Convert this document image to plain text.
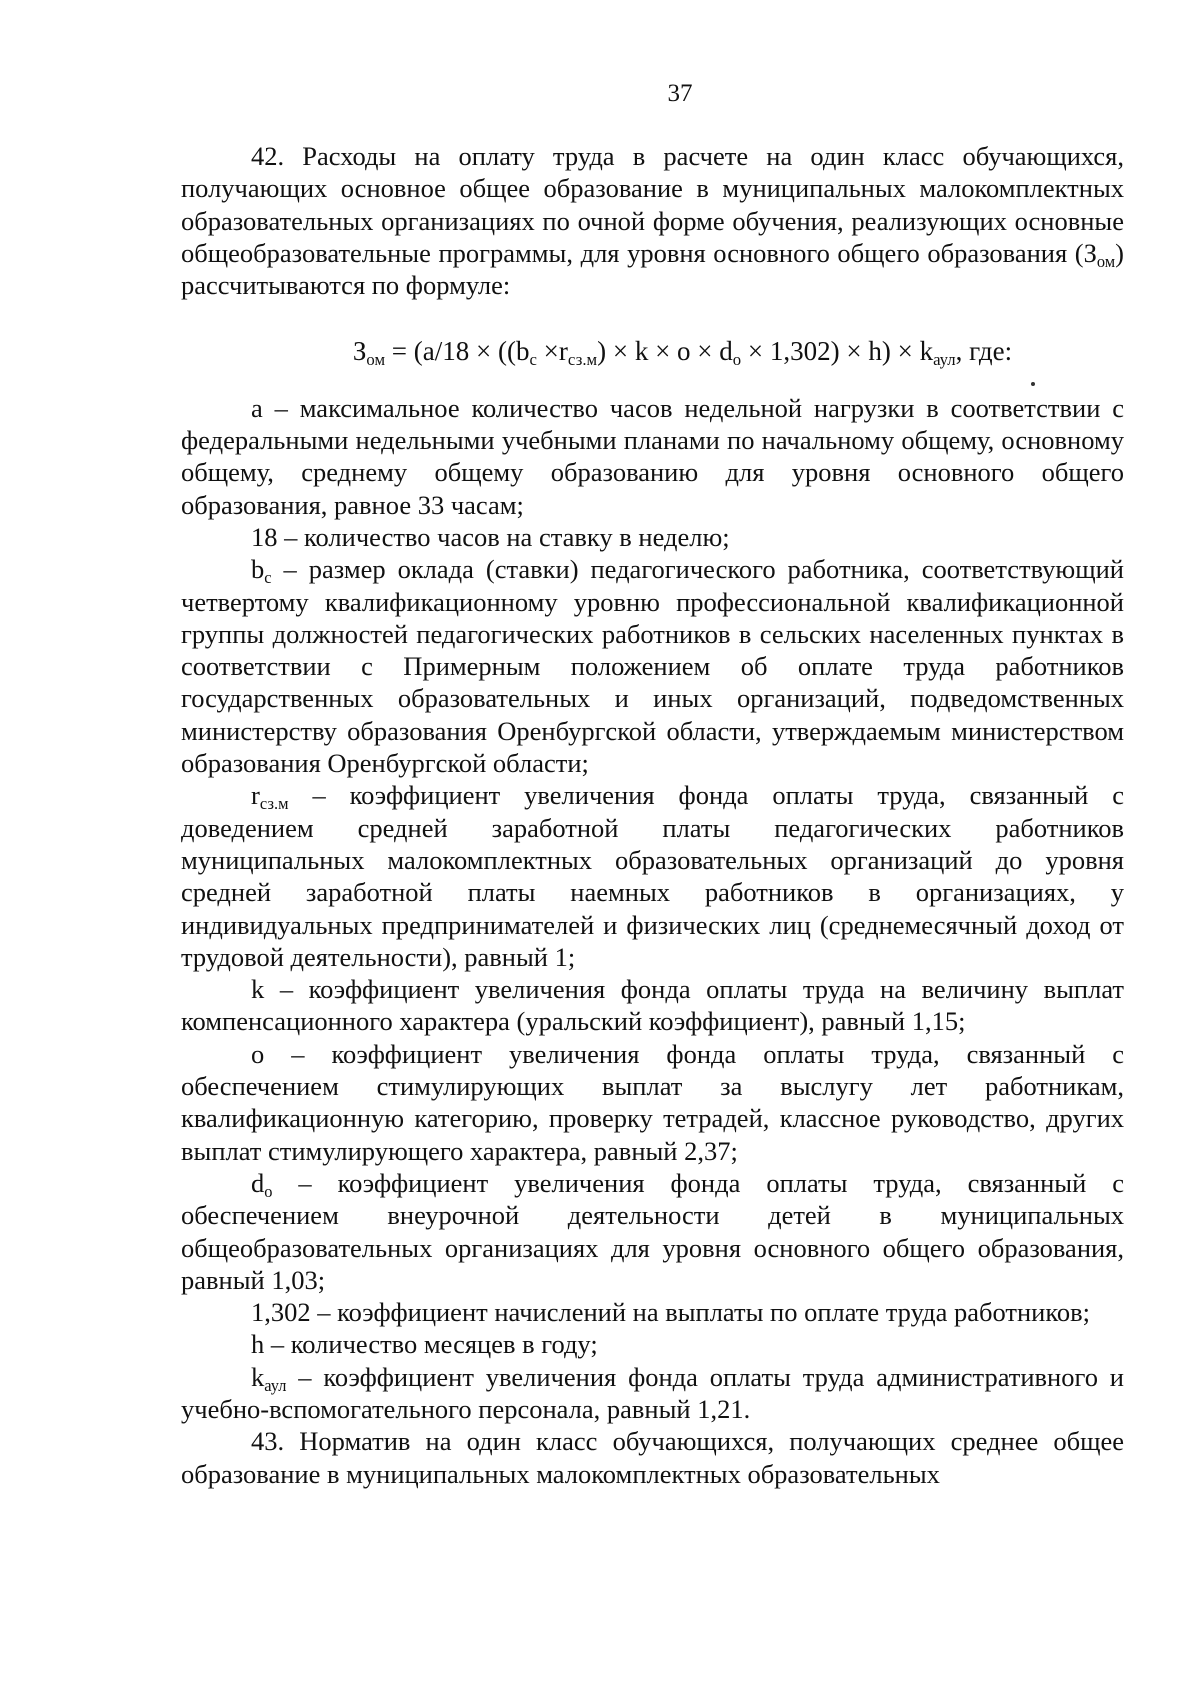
37

42. Расходы на оплату труда в расчете на один класс обучающихся, получающих основное общее образование в муниципальных малокомплектных образовательных организациях по очной форме обучения, реализующих основные общеобразовательные программы, для уровня основного общего образования $(З_{ом})$ рассчитываются по формуле:

$З_{ом} = (a/18 \times ((b_с \times r_{сз.м}) \times k \times o \times d_o \times 1,302) \times h) \times k_{аул}$, где:

а – максимальное количество часов недельной нагрузки в соответствии с федеральными недельными учебными планами по начальному общему, основному общему, среднему общему образованию для уровня основного общего образования, равное 33 часам;

18 – количество часов на ставку в неделю;

$b_с$ – размер оклада (ставки) педагогического работника, соответствующий четвертому квалификационному уровню профессиональной квалификационной группы должностей педагогических работников в сельских населенных пунктах в соответствии с Примерным положением об оплате труда работников государственных образовательных и иных организаций, подведомственных министерству образования Оренбургской области, утверждаемым министерством образования Оренбургской области;

$r_{сз.м}$ – коэффициент увеличения фонда оплаты труда, связанный с доведением средней заработной платы педагогических работников муниципальных малокомплектных образовательных организаций до уровня средней заработной платы наемных работников в организациях, у индивидуальных предпринимателей и физических лиц (среднемесячный доход от трудовой деятельности), равный 1;

k – коэффициент увеличения фонда оплаты труда на величину выплат компенсационного характера (уральский коэффициент), равный 1,15;

o – коэффициент увеличения фонда оплаты труда, связанный с обеспечением стимулирующих выплат за выслугу лет работникам, квалификационную категорию, проверку тетрадей, классное руководство, других выплат стимулирующего характера, равный 2,37;

$d_o$ – коэффициент увеличения фонда оплаты труда, связанный с обеспечением внеурочной деятельности детей в муниципальных общеобразовательных организациях для уровня основного общего образования, равный 1,03;

1,302 – коэффициент начислений на выплаты по оплате труда работников;

h – количество месяцев в году;

$k_{аул}$ – коэффициент увеличения фонда оплаты труда административного и учебно-вспомогательного персонала, равный 1,21.

43. Норматив на один класс обучающихся, получающих среднее общее образование в муниципальных малокомплектных образовательных
